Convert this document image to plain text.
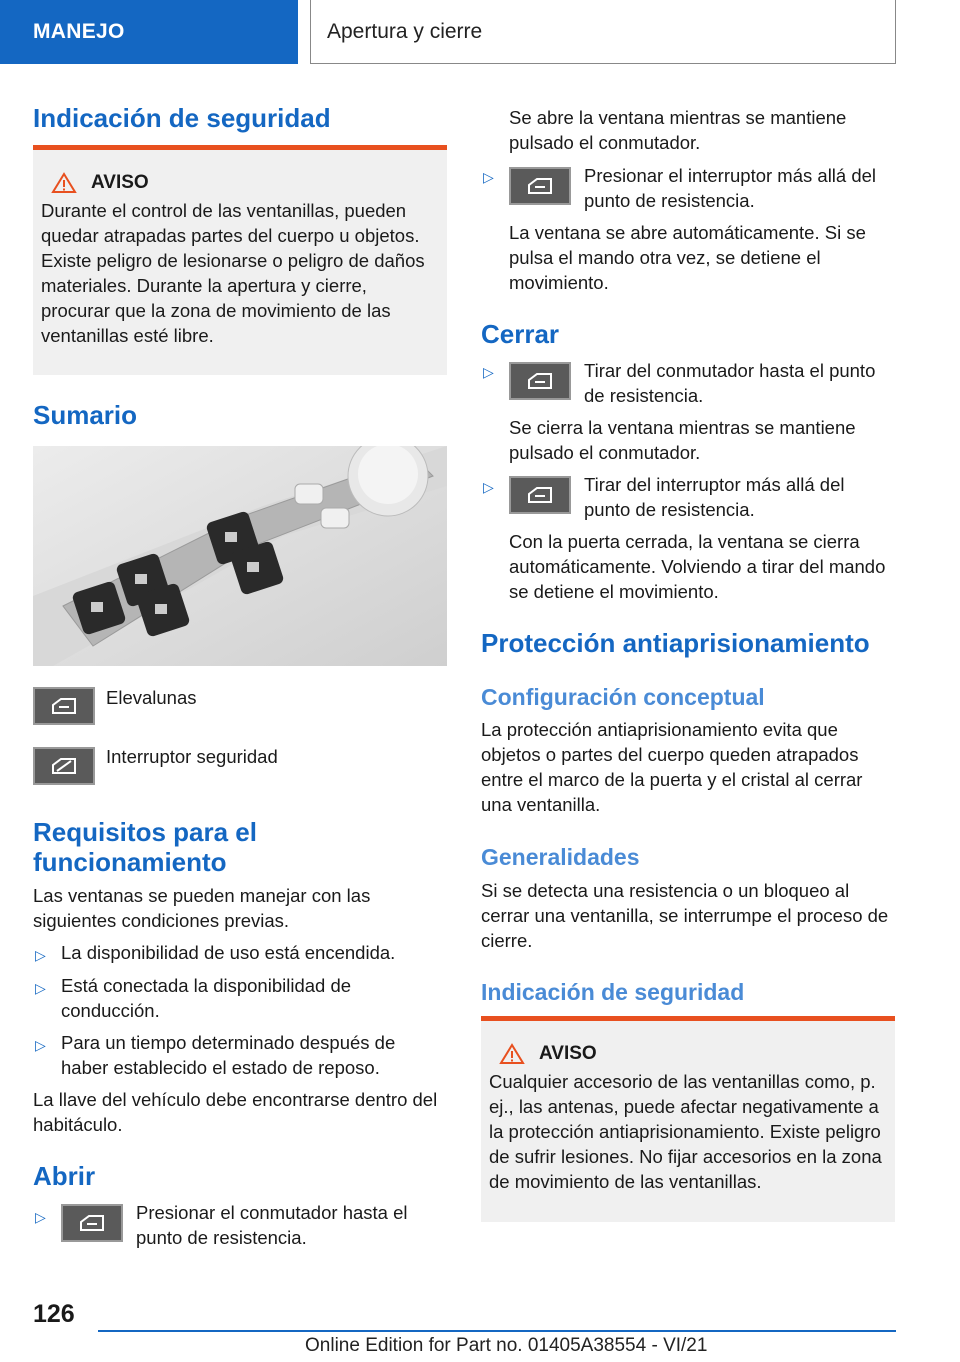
MANEJO	Apertura y cierre
Indicación de seguridad
AVISO
Durante el control de las ventanillas, pueden quedar atrapadas partes del cuerpo u objetos. Existe peligro de lesionarse o peligro de daños materiales. Durante la apertura y cierre, procurar que la zona de movimiento de las ventanillas esté libre.
Sumario
Elevalunas
Interruptor seguridad
Requisitos para el funcionamiento
Las ventanas se pueden manejar con las siguientes condiciones previas.
▷ La disponibilidad de uso está encendida.
▷ Está conectada la disponibilidad de conducción.
▷ Para un tiempo determinado después de haber establecido el estado de reposo.
La llave del vehículo debe encontrarse dentro del habitáculo.
Abrir
▷	Presionar el conmutador hasta el punto de resistencia.
Se abre la ventana mientras se mantiene pulsado el conmutador.
▷	Presionar el interruptor más allá del punto de resistencia.
La ventana se abre automáticamente. Si se pulsa el mando otra vez, se detiene el movimiento.
Cerrar
▷	Tirar del conmutador hasta el punto de resistencia.
Se cierra la ventana mientras se mantiene pulsado el conmutador.
▷	Tirar del interruptor más allá del punto de resistencia.
Con la puerta cerrada, la ventana se cierra automáticamente. Volviendo a tirar del mando se detiene el movimiento.
Protección antiaprisionamiento
Configuración conceptual
La protección antiaprisionamiento evita que objetos o partes del cuerpo queden atrapados entre el marco de la puerta y el cristal al cerrar una ventanilla.
Generalidades
Si se detecta una resistencia o un bloqueo al cerrar una ventanilla, se interrumpe el proceso de cierre.
Indicación de seguridad
AVISO
Cualquier accesorio de las ventanillas como, p. ej., las antenas, puede afectar negativamente a la protección antiaprisionamiento. Existe peligro de sufrir lesiones. No fijar accesorios en la zona de movimiento de las ventanillas.
126
Online Edition for Part no. 01405A38554 - VI/21
